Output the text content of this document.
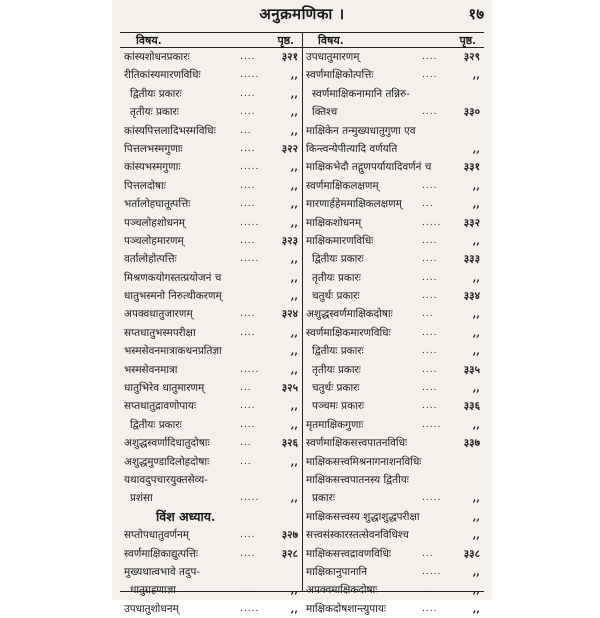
अनुक्रमणिका ।	१७
विषय.	पृष्ठ.
कांस्यशोधनप्रकारः	....	३२१
रीतिकांस्यमारणविधिः	.....	,,
द्वितीयः प्रकारः	....	,,
तृतीयः प्रकारः	....	,,
कांस्यपित्तलादिभस्मविधिः	...	,,
पित्तलभस्मगुणाः	....	३२२
कांस्यभस्मगुणाः	.....	,,
पित्तलदोषाः	....	,,
भर्तालोहघातूत्पत्तिः	....	,,
पञ्चलोहशोधनम्	.....	,,
पञ्चलोहमारणम्	....	३२३
वर्तालोहोत्पत्तिः	.....	,,
मिश्रणकयोगस्तत्प्रयोजनं च	,,
धातुभस्मनो निरुत्थीकरणम्	,,
अपक्वधातुजारणम्	....	३२४
सप्तधातुभस्मपरीक्षा	....	,,
भस्मसेवनमात्राकथनप्रतिज्ञा	,,
भस्मसेवनमात्रा	.....	,,
धातुभिरेव धातुमारणम्	...	३२५
सप्तधातुद्रावणोपायः	....	,,
द्वितीयः प्रकारः	....	,,
अशुद्धस्वर्णादिधातुदोषाः	...	३२६
अशुद्धमुण्डादिलोहदोषाः	...	,,
यथावदुपचारयुक्तसेव्य-
प्रशंसा	.....	,,
विंश अध्याय.
सप्तोपधातुवर्णनम्	....	३२७
स्वर्णमाक्षिकाद्युत्पत्तिः	....	३२८
मुख्यधात्वभावे तदुप-
धातुग्रहणाज्ञा	....	,,
उपधातुशोधनम्	.....	,,
विषय.	पृष्ठ.
उपधातुमारणम्	....	३२९
स्वर्णमाक्षिकोत्पत्तिः	....	,,
स्वर्णमाक्षिकनामानि तन्निरु-
क्तिश्च	....	३३०
माक्षिकेन तन्मुख्यधातुगुणा एव
किन्त्वन्येपीत्यादि वर्णयति	,,
माक्षिकभेदौ तद्गुणपर्यायादिवर्णनं च	३३१
स्वर्णमाक्षिकलक्षणम्	....	,,
मारणार्हहेममाक्षिकलक्षणम् ...	,,
माक्षिकशोधनम्	..... ३३२
माक्षिकमारणविधिः	....	,,
द्वितीयः प्रकारः	....	३३३
तृतीयः प्रकारः	....	,,
चतुर्थः प्रकारः	....	३३४
अशुद्धस्वर्णमाक्षिकदोषाः	...	,,
स्वर्णमाक्षिकमारणविधिः	....	,,
द्वितीयः प्रकारः	....	,,
तृतीयः प्रकारः	....	३३५
चतुर्थः प्रकारः	....	,,
पञ्चमः प्रकारः	....	३३६
मृतमाक्षिकगुणाः	.....	,,
स्वर्णमाक्षिकसत्त्वपातनविधिः	३३७
माक्षिकसत्त्वमिश्रनागनाशनविधिः
माक्षिकसत्त्वपातनस्य द्वितीयः
प्रकारः	.....	,,
माक्षिकसत्त्वस्य शुद्धाशुद्धपरीक्षा	,,
सत्त्वसंस्कारस्तत्सेवनविधिश्च	,,
माक्षिकसत्त्वद्रावणविधिः	...	३३८
माक्षिकानुपानानि	.....	,,
अपक्वमाक्षिकदोषाः	....	,,
माक्षिकदोषशान्त्युपायः	....	,,
